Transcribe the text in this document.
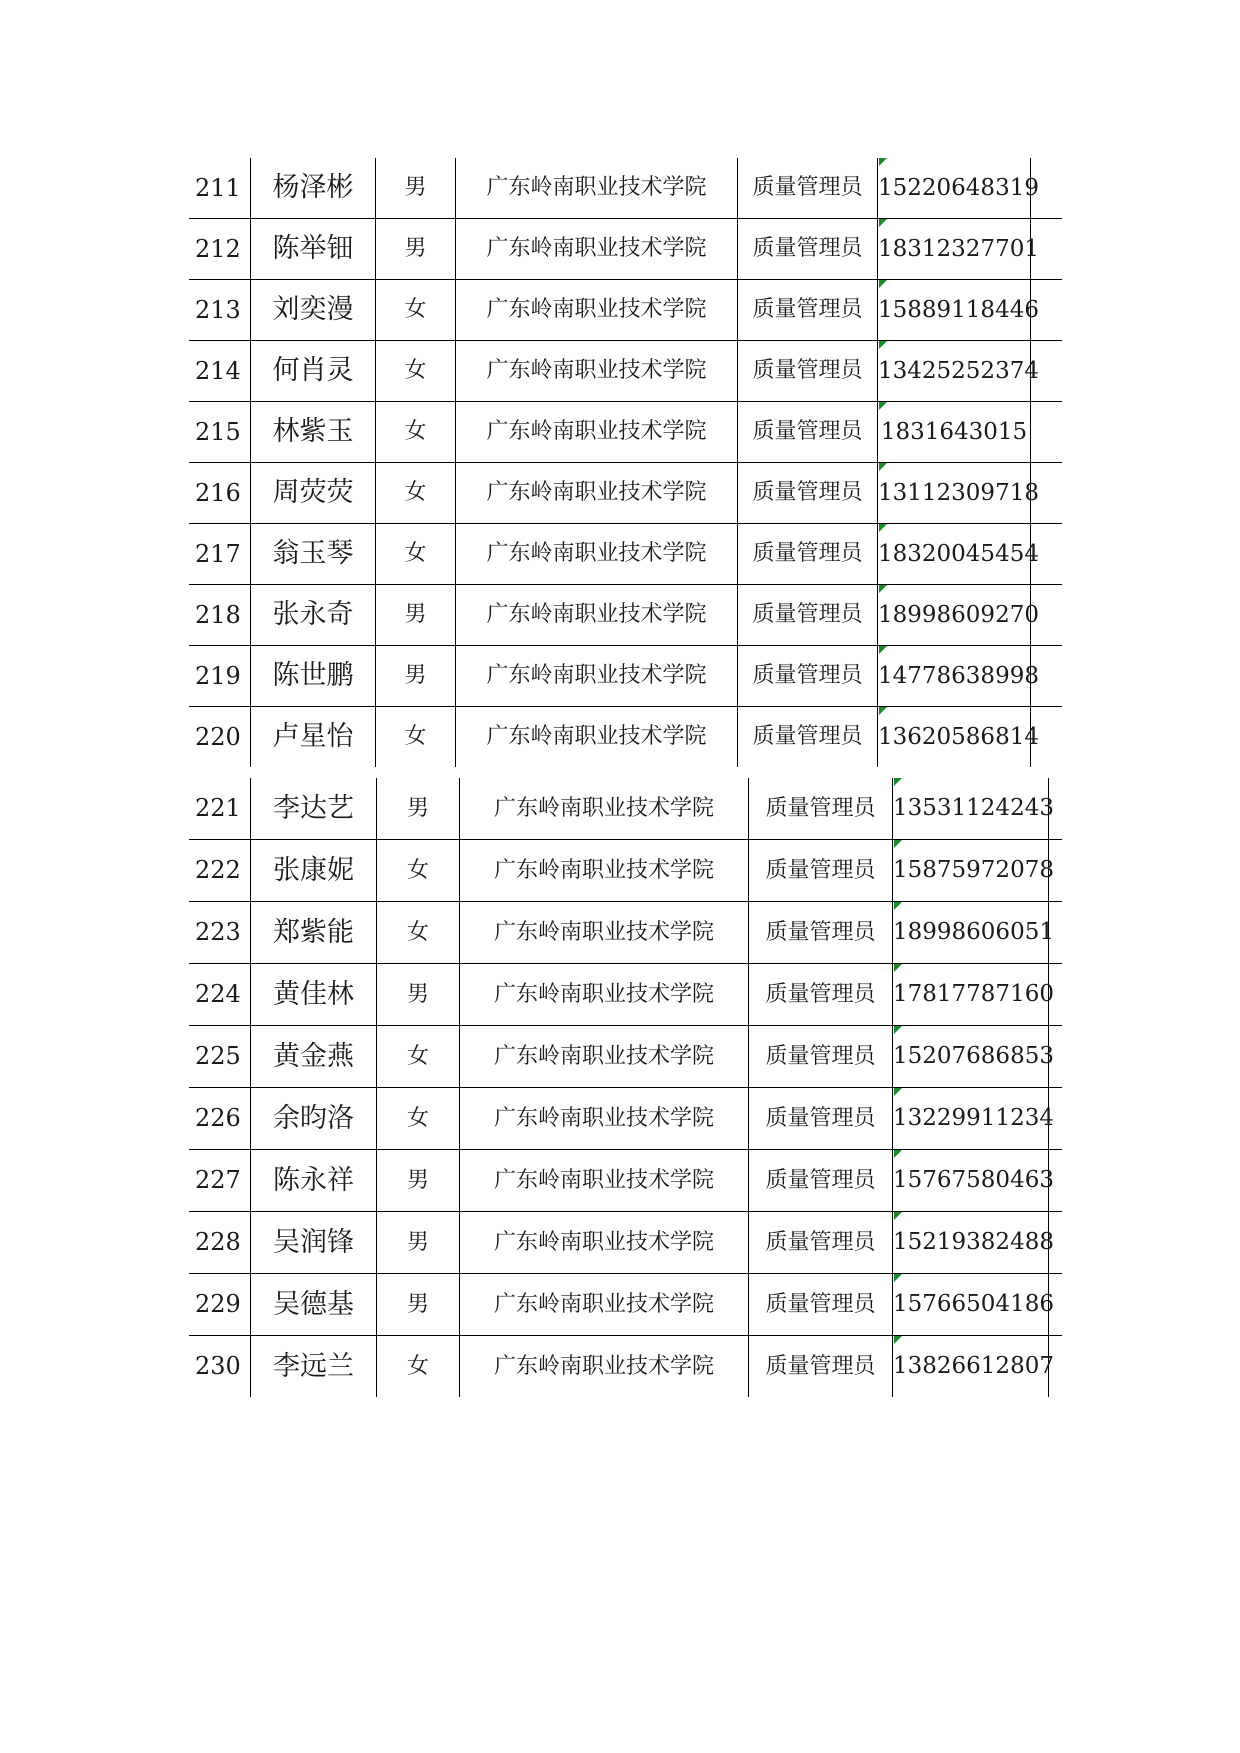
211	杨泽彬	男	广东岭南职业技术学院	质量管理员 15220648319
212	陈举钿	男	广东岭南职业技术学院	质量管理员 18312327701
213	刘奕漫	女	广东岭南职业技术学院	质量管理员 15889118446
214	何肖灵	女	广东岭南职业技术学院	质量管理员 13425252374
215	林紫玉	女	广东岭南职业技术学院	质量管理员 1831643015
216	周荧荧	女	广东岭南职业技术学院	质量管理员 13112309718
217	翁玉琴	女	广东岭南职业技术学院	质量管理员 18320045454
218	张永奇	男	广东岭南职业技术学院	质量管理员 18998609270
219	陈世鹏	男	广东岭南职业技术学院	质量管理员 14778638998
220	卢星怡	女	广东岭南职业技术学院	质量管理员 13620586814
221	李达艺	男	广东岭南职业技术学院	质量管理员 13531124243
222	张康妮	女	广东岭南职业技术学院	质量管理员 15875972078
223	郑紫能	女	广东岭南职业技术学院	质量管理员 18998606051
224	黄佳林	男	广东岭南职业技术学院	质量管理员 17817787160
225	黄金燕	女	广东岭南职业技术学院	质量管理员 15207686853
226	余昀洛	女	广东岭南职业技术学院	质量管理员 13229911234
227	陈永祥	男	广东岭南职业技术学院	质量管理员 15767580463
228	吴润锋	男	广东岭南职业技术学院	质量管理员 15219382488
229	吴德基	男	广东岭南职业技术学院	质量管理员 15766504186
230	李远兰	女	广东岭南职业技术学院	质量管理员 13826612807
